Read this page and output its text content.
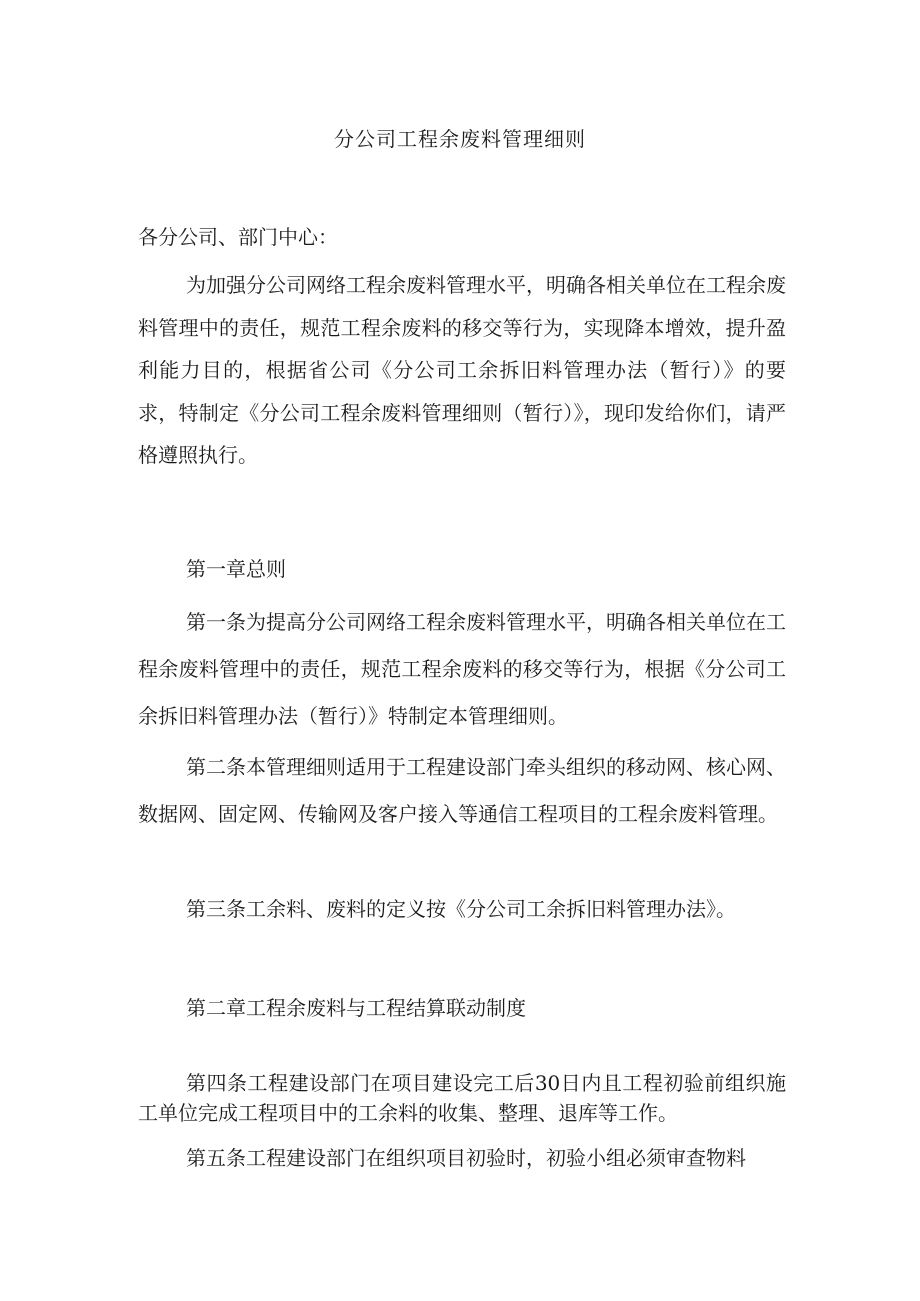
分公司工程余废料管理细则

各分公司、部门中心：

为加强分公司网络工程余废料管理水平，明确各相关单位在工程余废料管理中的责任，规范工程余废料的移交等行为，实现降本增效，提升盈利能力目的，根据省公司《分公司工余拆旧料管理办法（暂行）》的要求，特制定《分公司工程余废料管理细则（暂行）》，现印发给你们，请严格遵照执行。

第一章总则

第一条为提高分公司网络工程余废料管理水平，明确各相关单位在工程余废料管理中的责任，规范工程余废料的移交等行为，根据《分公司工余拆旧料管理办法（暂行）》特制定本管理细则。

第二条本管理细则适用于工程建设部门牵头组织的移动网、核心网、数据网、固定网、传输网及客户接入等通信工程项目的工程余废料管理。

第三条工余料、废料的定义按《分公司工余拆旧料管理办法》。

第二章工程余废料与工程结算联动制度

第四条工程建设部门在项目建设完工后30日内且工程初验前组织施工单位完成工程项目中的工余料的收集、整理、退库等工作。

第五条工程建设部门在组织项目初验时，初验小组必须审查物料
